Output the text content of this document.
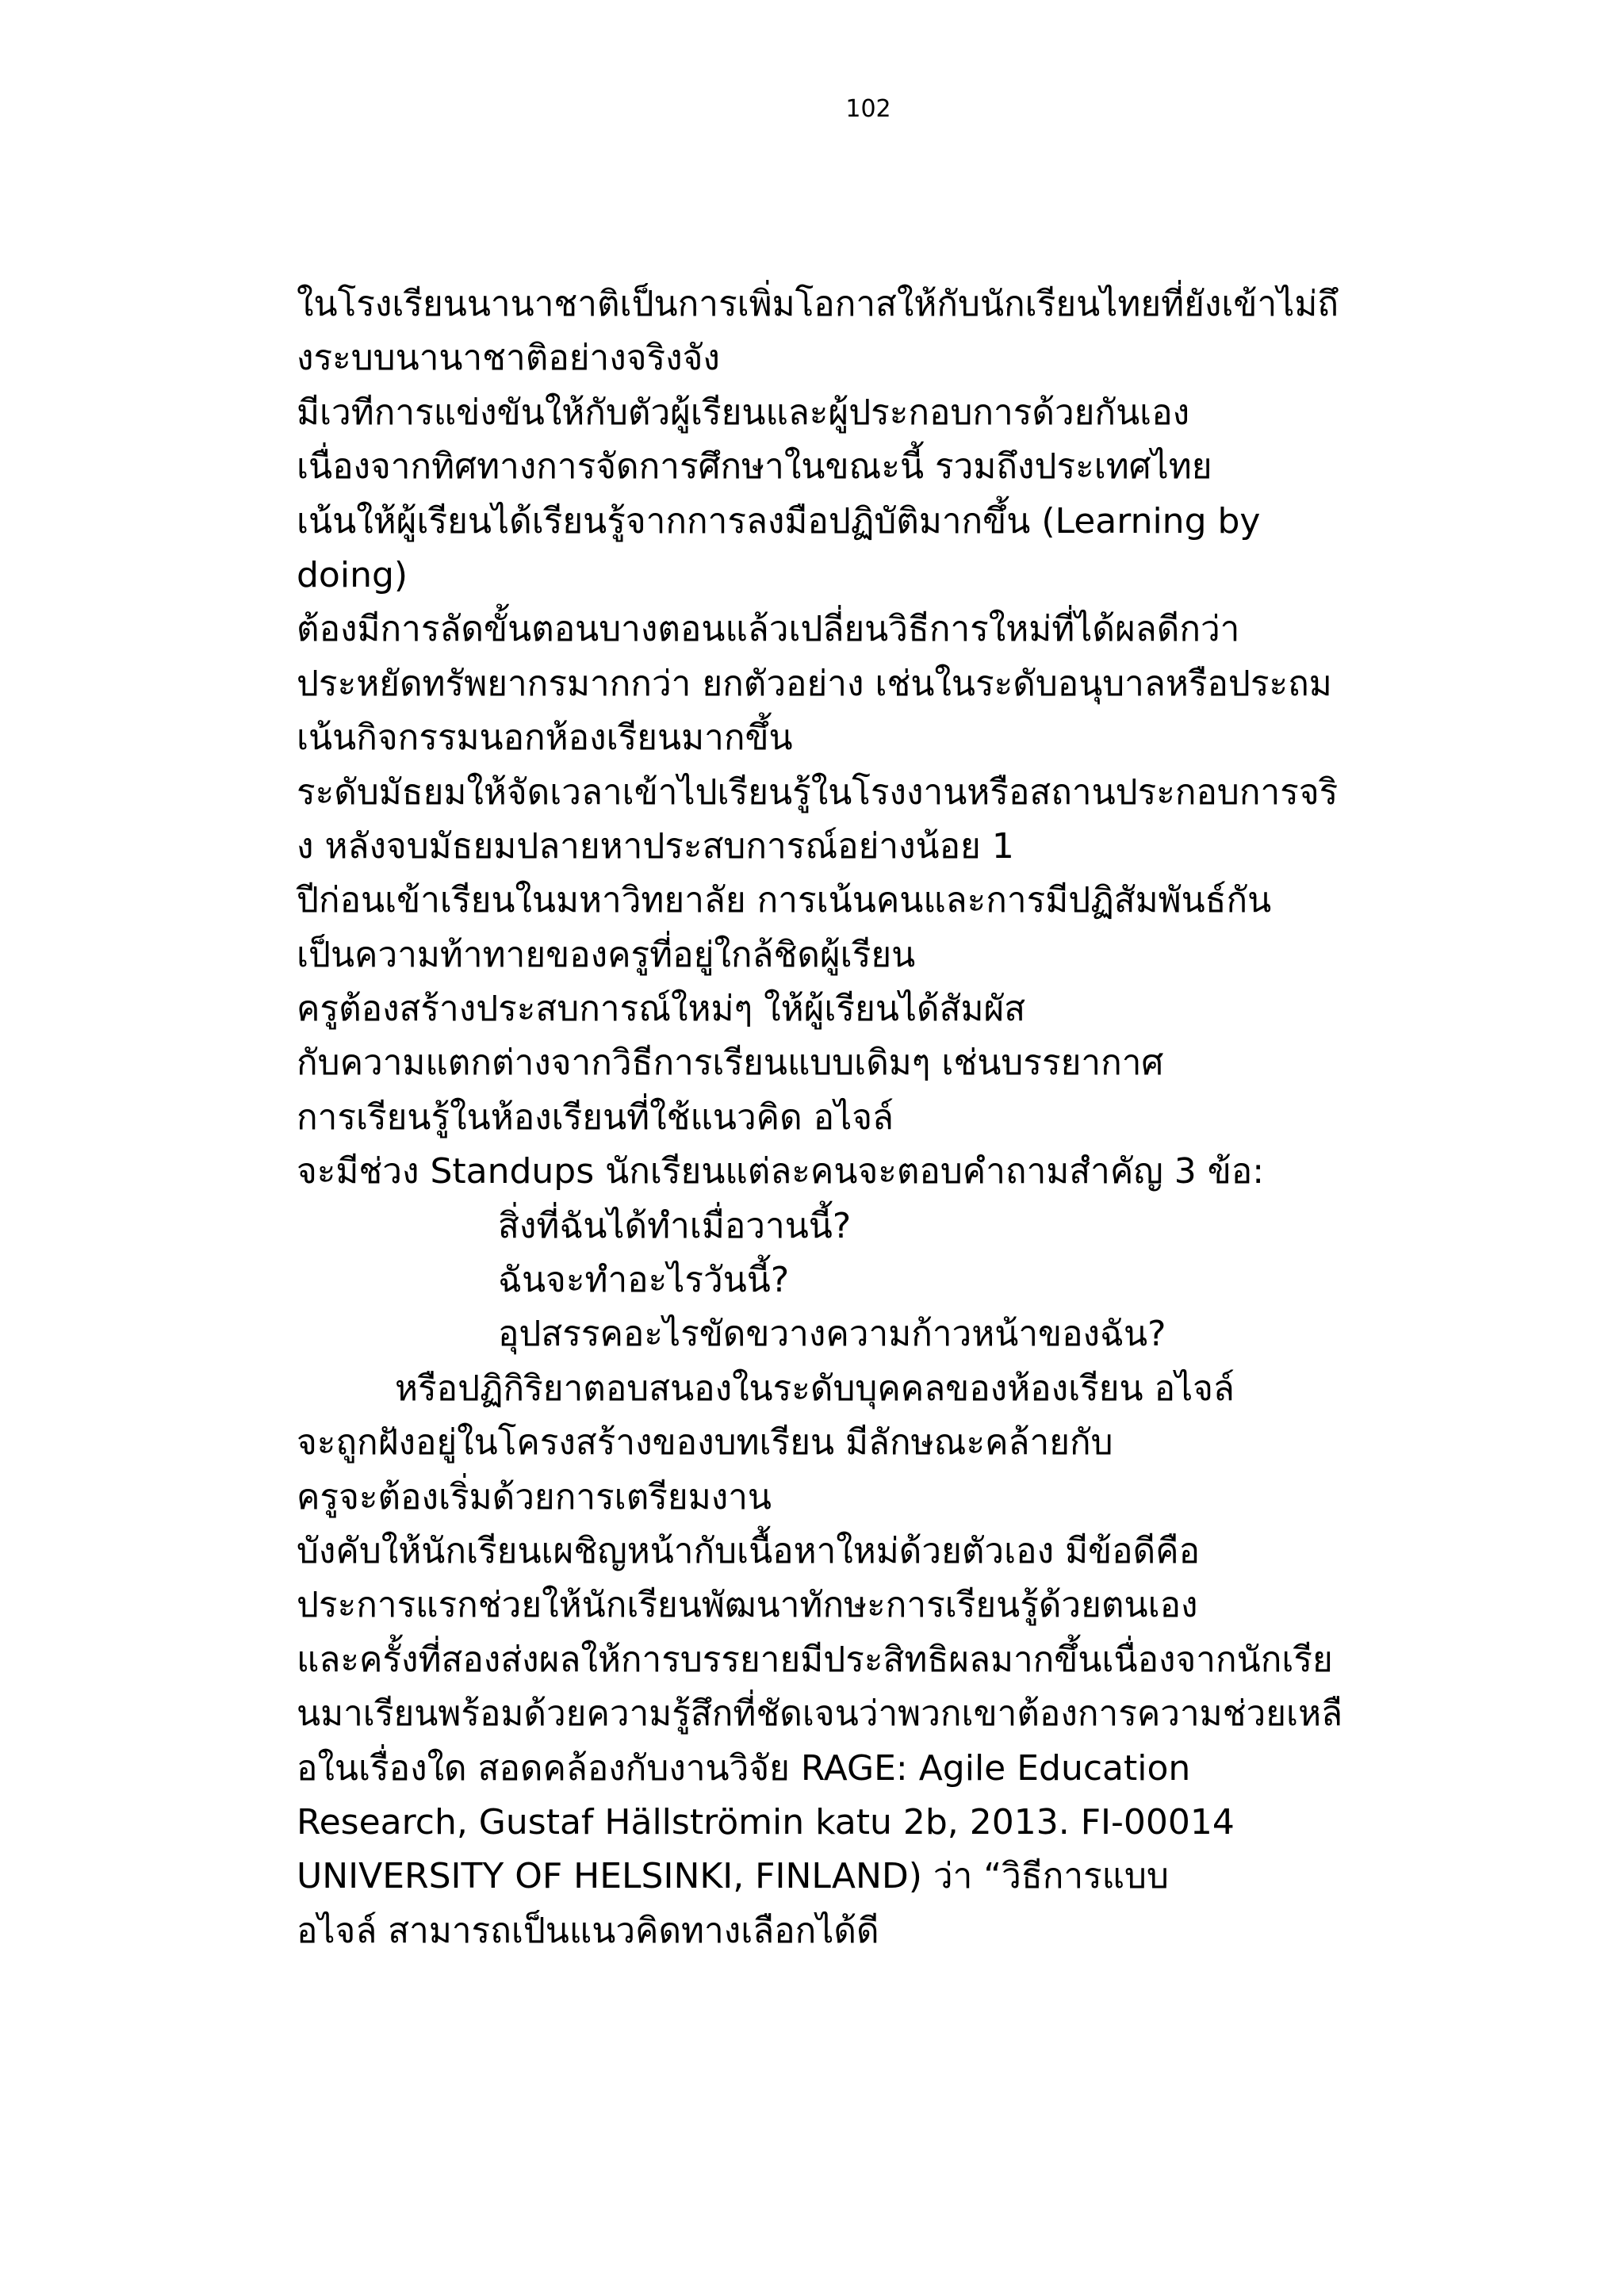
102
ในโรงเรียนนานาชาติเป็นการเพิ่มโอกาสให้กับนักเรียนไทยที่ยังเข้าไม่ถึ
งระบบนานาชาติอย่างจริงจัง
มีเวทีการแข่งขันให้กับตัวผู้เรียนและผู้ประกอบการด้วยกันเอง
เนื่องจากทิศทางการจัดการศึกษาในขณะนี้ รวมถึงประเทศไทย
เน้นให้ผู้เรียนได้เรียนรู้จากการลงมือปฏิบัติมากขึ้น (Learning by
doing)
ต้องมีการลัดขั้นตอนบางตอนแล้วเปลี่ยนวิธีการใหม่ที่ได้ผลดีกว่า
ประหยัดทรัพยากรมากกว่า ยกตัวอย่าง เช่นในระดับอนุบาลหรือประถม
เน้นกิจกรรมนอกห้องเรียนมากขึ้น
ระดับมัธยมให้จัดเวลาเข้าไปเรียนรู้ในโรงงานหรือสถานประกอบการจริ
ง หลังจบมัธยมปลายหาประสบการณ์อย่างน้อย 1
ปีก่อนเข้าเรียนในมหาวิทยาลัย การเน้นคนและการมีปฏิสัมพันธ์กัน
เป็นความท้าทายของครูที่อยู่ใกล้ชิดผู้เรียน
ครูต้องสร้างประสบการณ์ใหม่ๆ ให้ผู้เรียนได้สัมผัส
กับความแตกต่างจากวิธีการเรียนแบบเดิมๆ เช่นบรรยากาศ
การเรียนรู้ในห้องเรียนที่ใช้แนวคิด อไจล์
จะมีช่วง Standups นักเรียนแต่ละคนจะตอบคำถามสำคัญ 3 ข้อ:
สิ่งที่ฉันได้ทำเมื่อวานนี้?
ฉันจะทำอะไรวันนี้?
อุปสรรคอะไรขัดขวางความก้าวหน้าของฉัน?
หรือปฏิกิริยาตอบสนองในระดับบุคคลของห้องเรียน อไจล์
จะถูกฝังอยู่ในโครงสร้างของบทเรียน มีลักษณะคล้ายกับ
ครูจะต้องเริ่มด้วยการเตรียมงาน
บังคับให้นักเรียนเผชิญหน้ากับเนื้อหาใหม่ด้วยตัวเอง มีข้อดีคือ
ประการแรกช่วยให้นักเรียนพัฒนาทักษะการเรียนรู้ด้วยตนเอง
และครั้งที่สองส่งผลให้การบรรยายมีประสิทธิผลมากขึ้นเนื่องจากนักเรีย
นมาเรียนพร้อมด้วยความรู้สึกที่ชัดเจนว่าพวกเขาต้องการความช่วยเหลื
อในเรื่องใด สอดคล้องกับงานวิจัย RAGE: Agile Education
Research, Gustaf Hällströmin katu 2b, 2013. FI-00014
UNIVERSITY OF HELSINKI, FINLAND) ว่า “วิธีการแบบ
อไจล์ สามารถเป็นแนวคิดทางเลือกได้ดี
